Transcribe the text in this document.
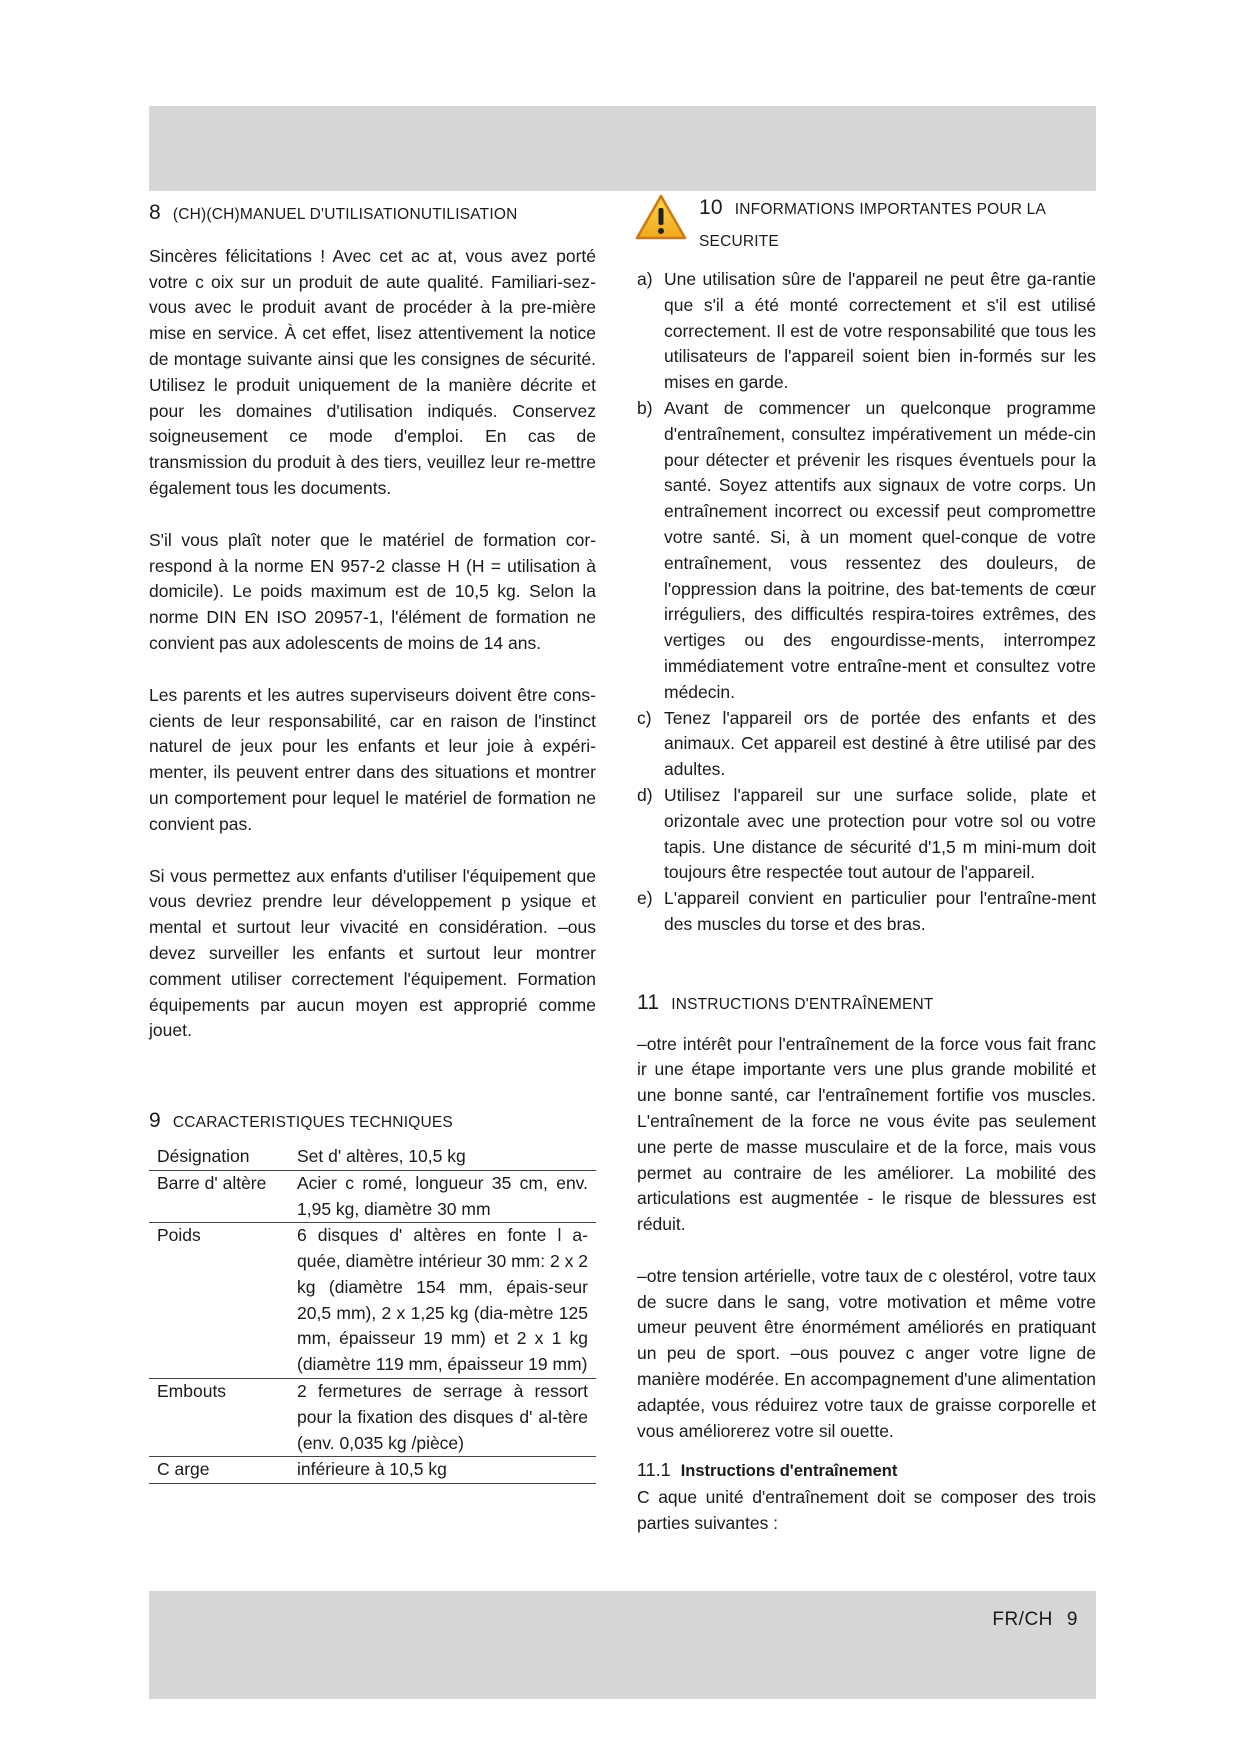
8 (CH)(CH)MANUEL D'UTILISATIONUTILISATION

Sincères félicitations ! Avec cet ac at, vous avez porté votre c oix sur un produit de aute qualité. Familiari-sez-vous avec le produit avant de procéder à la pre-mière mise en service. À cet effet, lisez attentivement la notice de montage suivante ainsi que les consignes de sécurité. Utilisez le produit uniquement de la manière décrite et pour les domaines d'utilisation indiqués. Conservez soigneusement ce mode d'emploi. En cas de transmission du produit à des tiers, veuillez leur re-mettre également tous les documents.

S'il vous plaît noter que le matériel de formation cor-respond à la norme EN 957-2 classe H (H = utilisation à domicile). Le poids maximum est de 10,5 kg. Selon la norme DIN EN ISO 20957-1, l'élément de formation ne convient pas aux adolescents de moins de 14 ans.

Les parents et les autres superviseurs doivent être cons-cients de leur responsabilité, car en raison de l'instinct naturel de jeux pour les enfants et leur joie à expéri-menter, ils peuvent entrer dans des situations et montrer un comportement pour lequel le matériel de formation ne convient pas.

Si vous permettez aux enfants d'utiliser l'équipement que vous devriez prendre leur développement p ysique et mental et surtout leur vivacité en considération. –ous devez surveiller les enfants et surtout leur montrer comment utiliser correctement l'équipement. Formation équipements par aucun moyen est approprié comme jouet.

9 CCARACTERISTIQUES TECHNIQUES
Désignation	Set d' altères, 10,5 kg
Barre d' altère	Acier c romé, longueur 35 cm, env. 1,95 kg, diamètre 30 mm
Poids	6 disques d' altères en fonte l a-quée, diamètre intérieur 30 mm: 2 x 2 kg (diamètre 154 mm, épais-seur 20,5 mm), 2 x 1,25 kg (dia-mètre 125 mm, épaisseur 19 mm) et 2 x 1 kg (diamètre 119 mm, épaisseur 19 mm)
Embouts	2 fermetures de serrage à ressort pour la fixation des disques d' al-tère (env. 0,035 kg /pièce)
C arge	inférieure à 10,5 kg
10 INFORMATIONS IMPORTANTES POUR LA SECURITE
a) Une utilisation sûre de l'appareil ne peut être ga-rantie que s'il a été monté correctement et s'il est utilisé correctement. Il est de votre responsabilité que tous les utilisateurs de l'appareil soient bien in-formés sur les mises en garde.
b) Avant de commencer un quelconque programme d'entraînement, consultez impérativement un méde-cin pour détecter et prévenir les risques éventuels pour la santé. Soyez attentifs aux signaux de votre corps. Un entraînement incorrect ou excessif peut compromettre votre santé. Si, à un moment quel-conque de votre entraînement, vous ressentez des douleurs, de l'oppression dans la poitrine, des bat-tements de cœur irréguliers, des difficultés respira-toires extrêmes, des vertiges ou des engourdisse-ments, interrompez immédiatement votre entraîne-ment et consultez votre médecin.
c) Tenez l'appareil ors de portée des enfants et des animaux. Cet appareil est destiné à être utilisé par des adultes.
d) Utilisez l'appareil sur une surface solide, plate et orizontale avec une protection pour votre sol ou votre tapis. Une distance de sécurité d'1,5 m mini-mum doit toujours être respectée tout autour de l'appareil.
e) L'appareil convient en particulier pour l'entraîne-ment des muscles du torse et des bras.
11 INSTRUCTIONS D'ENTRAÎNEMENT

–otre intérêt pour l'entraînement de la force vous fait franc ir une étape importante vers une plus grande mobilité et une bonne santé, car l'entraînement fortifie vos muscles. L'entraînement de la force ne vous évite pas seulement une perte de masse musculaire et de la force, mais vous permet au contraire de les améliorer. La mobilité des articulations est augmentée - le risque de blessures est réduit.

–otre tension artérielle, votre taux de c olestérol, votre taux de sucre dans le sang, votre motivation et même votre umeur peuvent être énormément améliorés en pratiquant un peu de sport. –ous pouvez c anger votre ligne de manière modérée. En accompagnement d'une alimentation adaptée, vous réduirez votre taux de graisse corporelle et vous améliorerez votre sil ouette.

11.1 Instructions d'entraînement

C aque unité d'entraînement doit se composer des trois parties suivantes :

FR/CH 9
